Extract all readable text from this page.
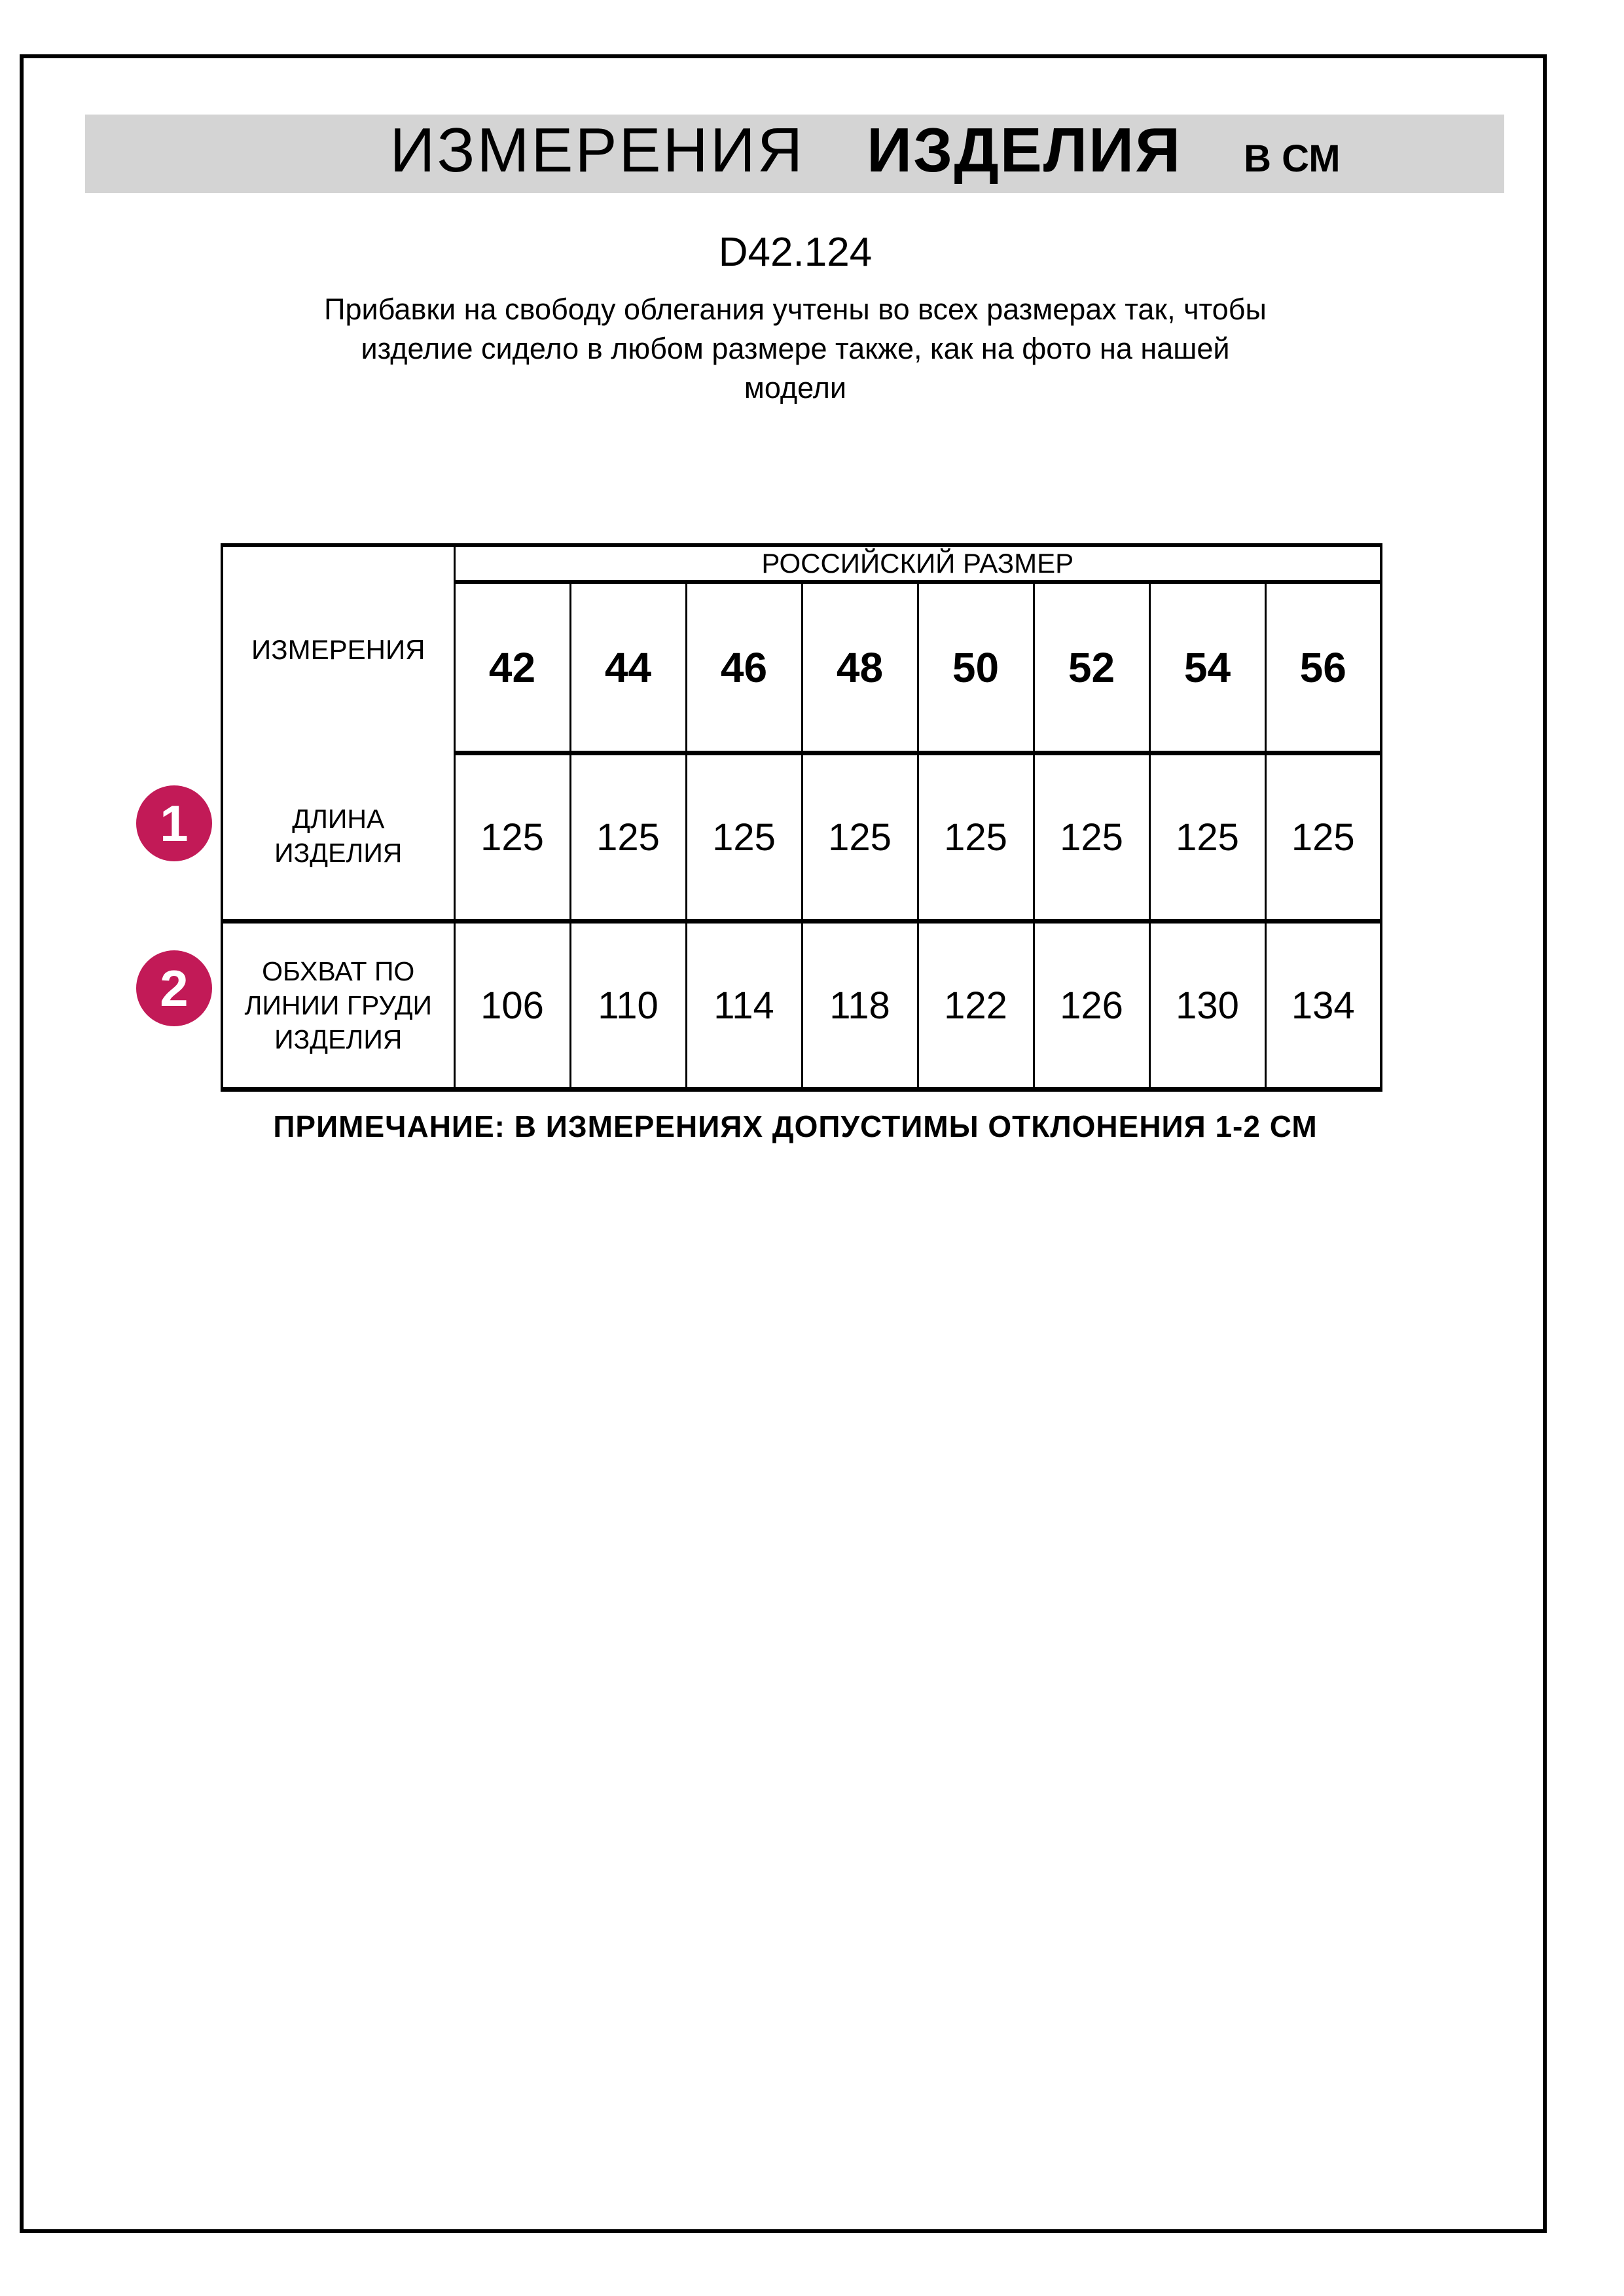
ИЗМЕРЕНИЯ ИЗДЕЛИЯ В СМ
D42.124
Прибавки на свободу облегания учтены во всех размерах так, чтобы
изделие сидело в любом размере также, как на фото на нашей
модели
ИЗМЕРЕНИЯ	РОССИЙСКИЙ РАЗМЕР							
	42	44	46	48	50	52	54	56

ДЛИНА
ИЗДЕЛИЯ	125	125	125	125	125	125	125	125

ОБХВАТ ПО
ЛИНИИ ГРУДИ
ИЗДЕЛИЯ	106	110	114	118	122	126	130	134
1
2
ПРИМЕЧАНИЕ: В ИЗМЕРЕНИЯХ ДОПУСТИМЫ ОТКЛОНЕНИЯ 1-2 СМ
